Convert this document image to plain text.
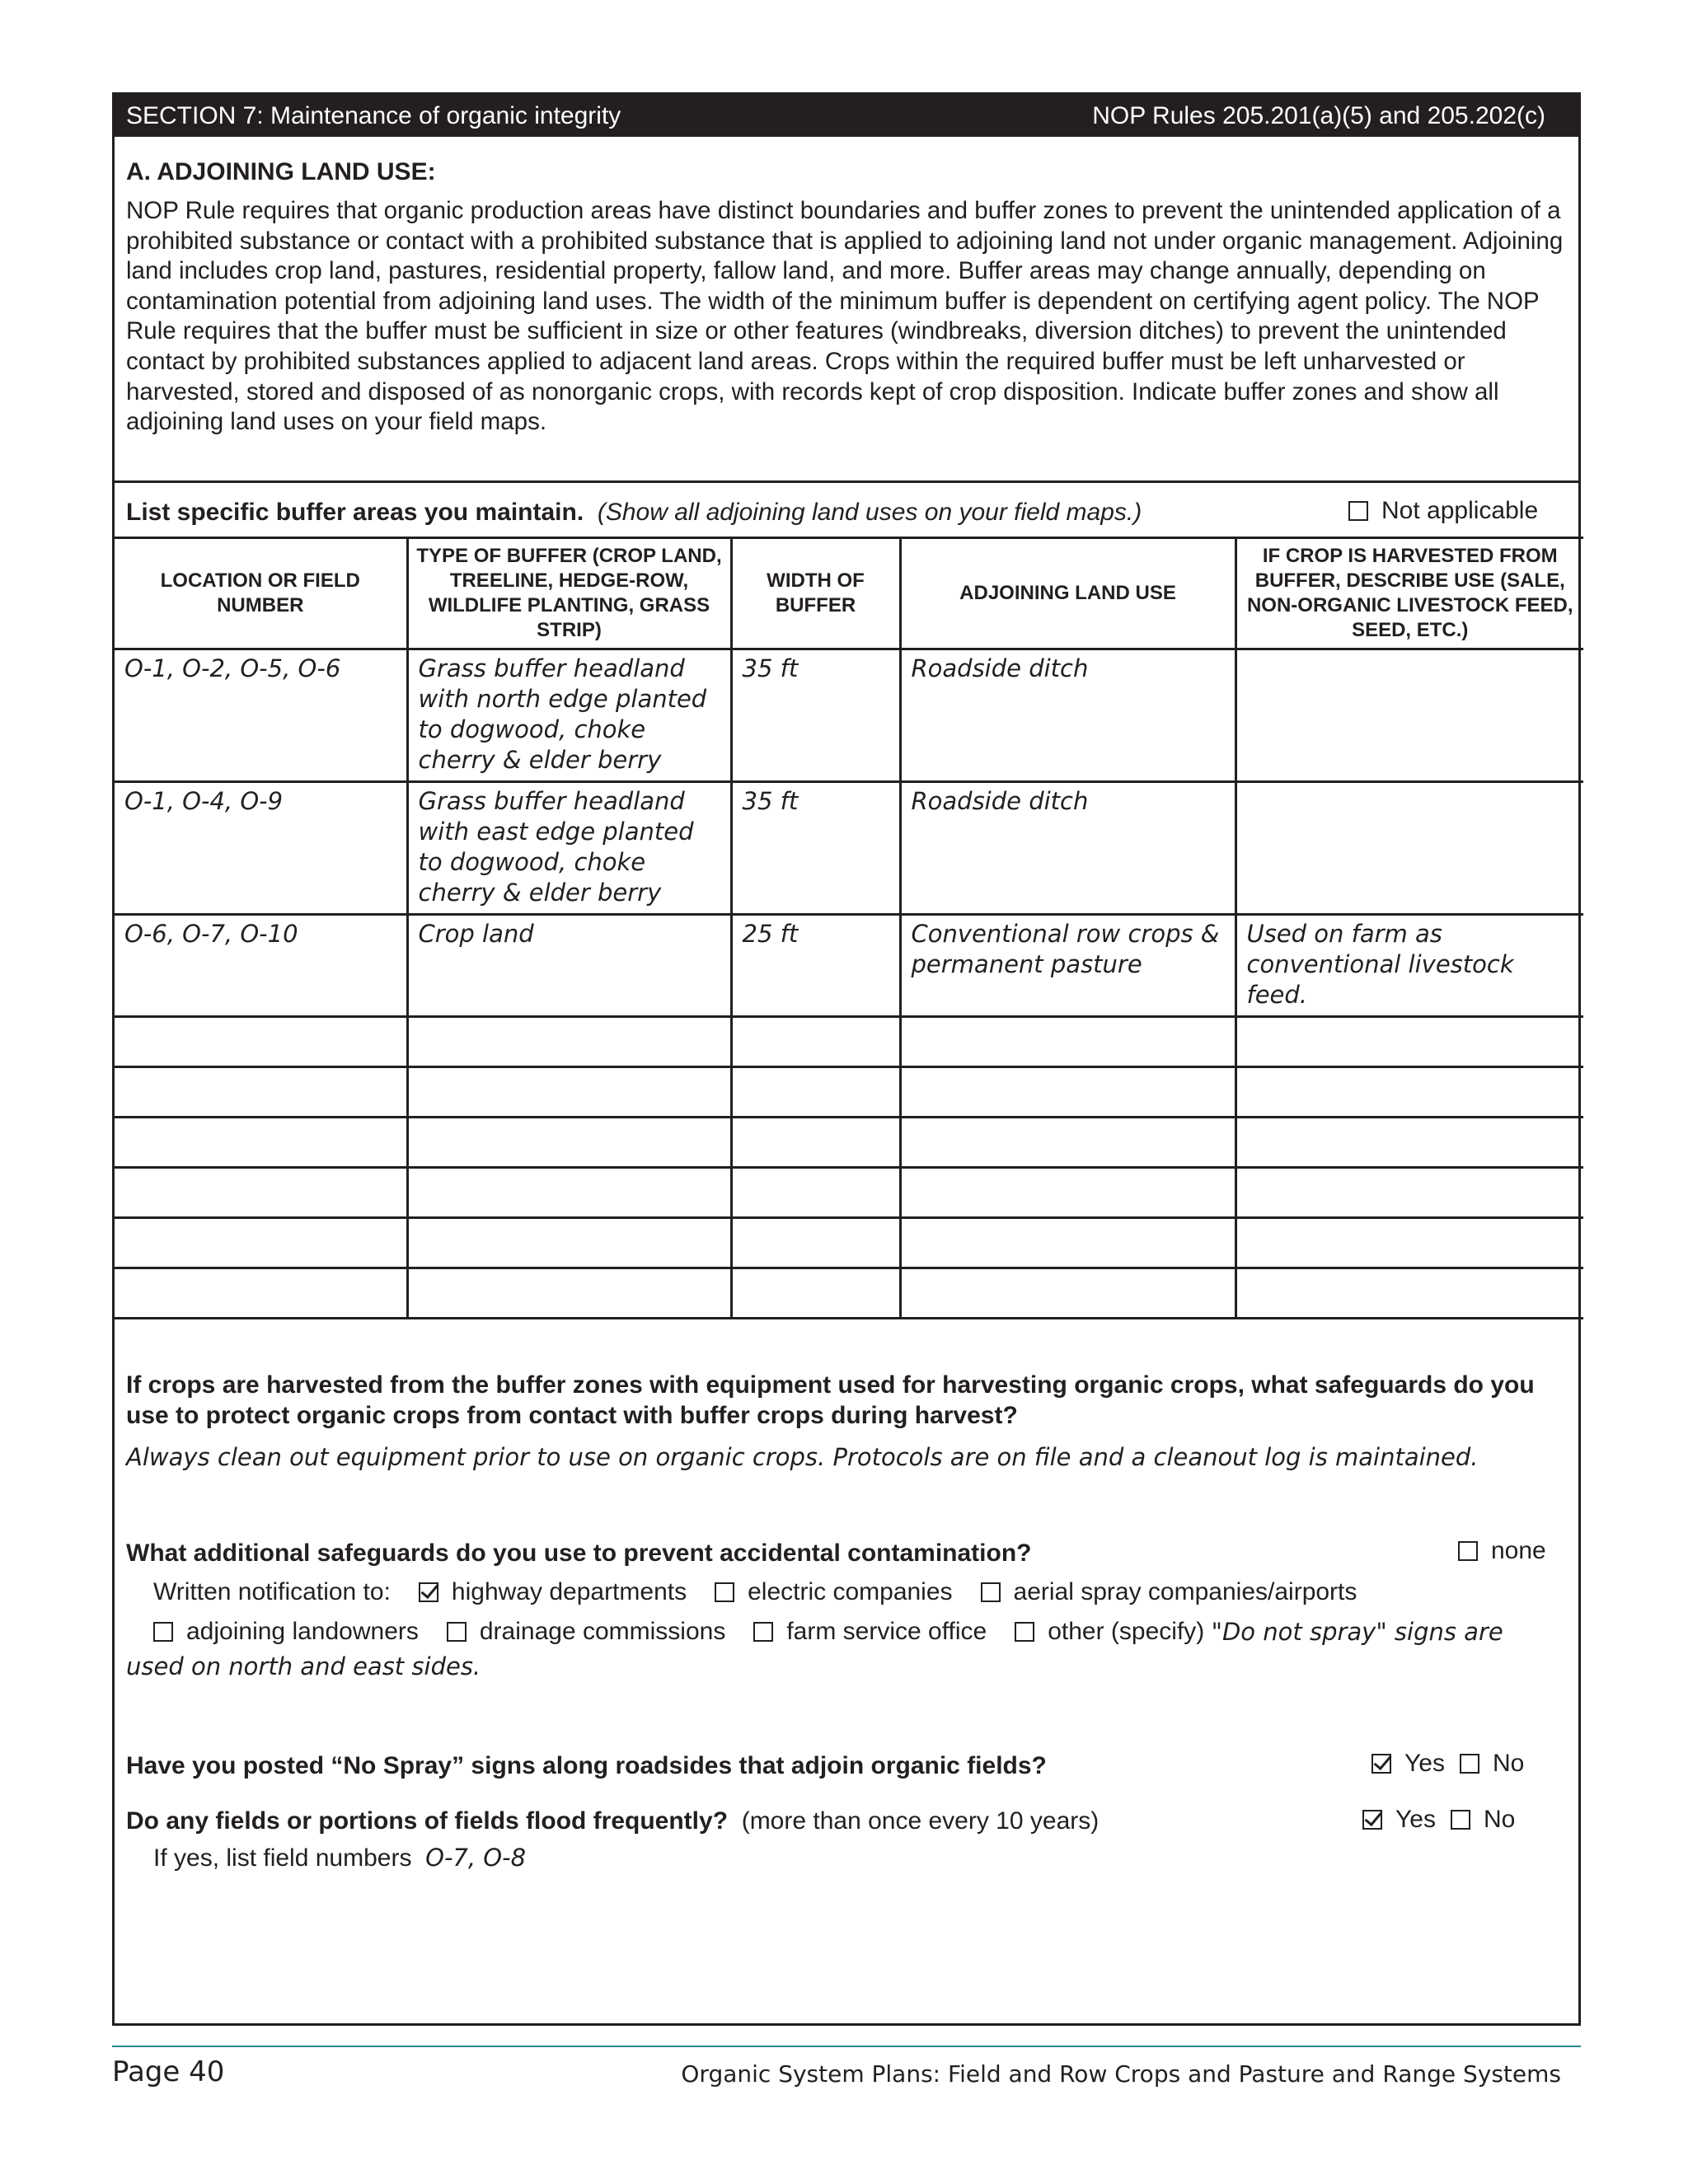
SECTION 7: Maintenance of organic integrity	NOP Rules 205.201(a)(5) and 205.202(c)
A. ADJOINING LAND USE:

NOP Rule requires that organic production areas have distinct boundaries and buffer zones to prevent the unintended application of a prohibited substance or contact with a prohibited substance that is applied to adjoining land not under organic management. Adjoining land includes crop land, pastures, residential property, fallow land, and more. Buffer areas may change annually, depending on contamination potential from adjoining land uses. The width of the minimum buffer is dependent on certifying agent policy. The NOP Rule requires that the buffer must be sufficient in size or other features (windbreaks, diversion ditches) to prevent the unintended contact by prohibited substances applied to adjacent land areas. Crops within the required buffer must be left unharvested or harvested, stored and disposed of as nonorganic crops, with records kept of crop disposition. Indicate buffer zones and show all adjoining land uses on your field maps.

List specific buffer areas you maintain. (Show all adjoining land uses on your field maps.)	Not applicable
LOCATION OR FIELD NUMBER	TYPE OF BUFFER (CROP LAND, TREELINE, HEDGE-ROW, WILDLIFE PLANTING, GRASS STRIP)	WIDTH OF BUFFER	ADJOINING LAND USE	IF CROP IS HARVESTED FROM BUFFER, DESCRIBE USE (SALE, NON-ORGANIC LIVESTOCK FEED, SEED, ETC.)
O-1, O-2, O-5, O-6	Grass buffer headland with north edge planted to dogwood, choke cherry & elder berry	35 ft	Roadside ditch	
O-1, O-4, O-9	Grass buffer headland with east edge planted to dogwood, choke cherry & elder berry	35 ft	Roadside ditch	
O-6, O-7, O-10	Crop land	25 ft	Conventional row crops & permanent pasture	Used on farm as conventional livestock feed.

If crops are harvested from the buffer zones with equipment used for harvesting organic crops, what safeguards do you use to protect organic crops from contact with buffer crops during harvest?
Always clean out equipment prior to use on organic crops. Protocols are on file and a cleanout log is maintained.
What additional safeguards do you use to prevent accidental contamination?	none
Written notification to: highway departments electric companies aerial spray companies/airports
adjoining landowners drainage commissions farm service office other (specify)
"Do not spray" signs are
used on north and east sides.
Have you posted “No Spray” signs along roadsides that adjoin organic fields?	Yes No
Do any fields or portions of fields flood frequently? (more than once every 10 years)	Yes No
If yes, list field numbers O-7, O-8
Page 40	Organic System Plans: Field and Row Crops and Pasture and Range Systems
